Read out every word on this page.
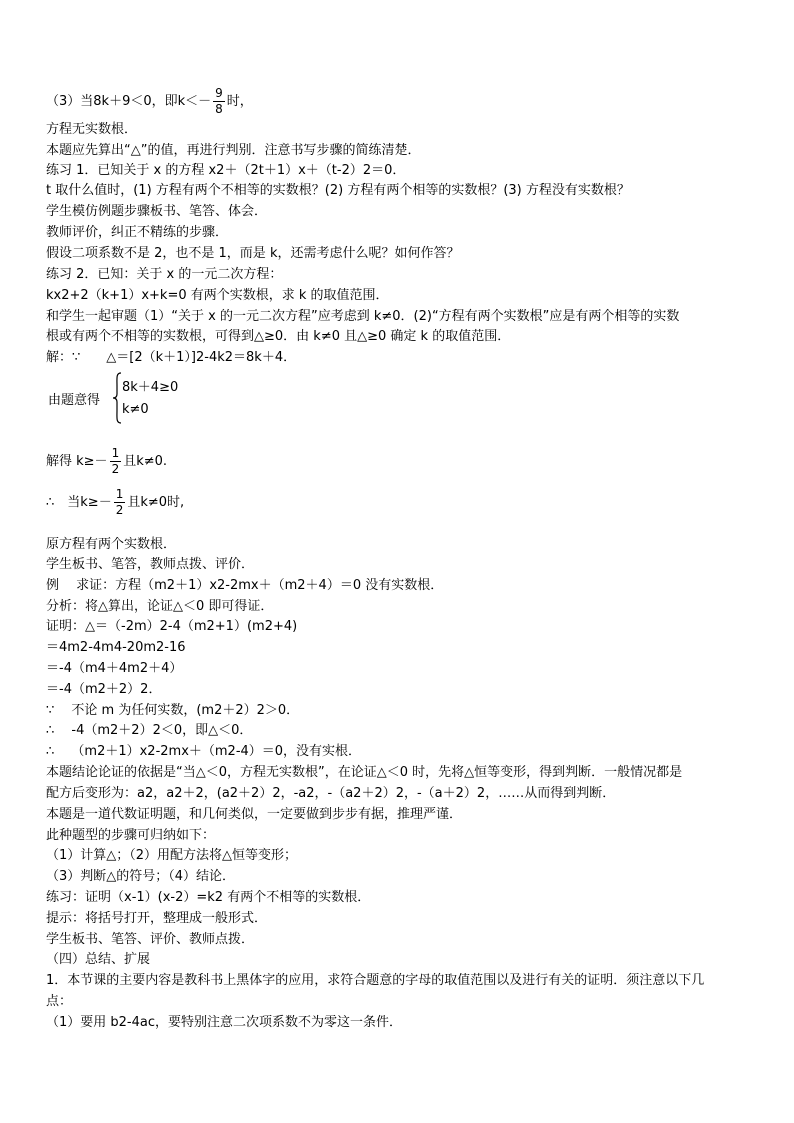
（3）当8k＋9＜0，即$k<- \frac{9}{8}$ 时，
方程无实数根．
本题应先算出“△”的值，再进行判别．注意书写步骤的简练清楚．
练习 1．已知关于 x 的方程 x2＋（2t＋1）x＋（t-2）2＝0．
t 取什么值时，(1) 方程有两个不相等的实数根？(2) 方程有两个相等的实数根？(3) 方程没有实数根？
学生模仿例题步骤板书、笔答、体会．
教师评价，纠正不精练的步骤．
假设二项系数不是 2，也不是 1，而是 k，还需考虑什么呢？如何作答？
练习 2．已知：关于 x 的一元二次方程：
kx2+2（k+1）x+k=0 有两个实数根，求 k 的取值范围．
和学生一起审题（1）“关于 x 的一元二次方程”应考虑到 k≠0．(2)“方程有两个实数根”应是有两个相等的实数
根或有两个不相等的实数根，可得到△≥0．由 k≠0 且△≥0 确定 k 的取值范围．
解：∵　　△＝[2（k＋1）]2-4k2＝8k＋4．
由题意得
8k＋4≥0
k≠0
解得 $k\ge- \frac{1}{2}$ 且k≠0.
∴　当$k\ge- \frac{1}{2}$ 且k≠0时,
原方程有两个实数根．
学生板书、笔答，教师点拨、评价．
例　 求证：方程（m2＋1）x2-2mx＋（m2＋4）＝0 没有实数根．
分析：将△算出，论证△＜0 即可得证．
证明：△＝（-2m）2-4（m2+1）(m2+4)
＝4m2-4m4-20m2-16
＝-4（m4＋4m2＋4）
＝-4（m2＋2）2．
∵　 不论 m 为任何实数，(m2＋2）2＞0．
∴　 -4（m2＋2）2＜0，即△＜0．
∴　 （m2＋1）x2-2mx＋（m2-4）＝0，没有实根．
本题结论论证的依据是“当△＜0，方程无实数根”，在论证△＜0 时，先将△恒等变形，得到判断．一般情况都是
配方后变形为：a2，a2＋2，(a2＋2）2，-a2，-（a2＋2）2，-（a＋2）2，……从而得到判断．
本题是一道代数证明题，和几何类似，一定要做到步步有据，推理严谨．
此种题型的步骤可归纳如下：
（1）计算△；（2）用配方法将△恒等变形；
（3）判断△的符号；（4）结论．
练习：证明（x-1）(x-2）=k2 有两个不相等的实数根．
提示：将括号打开，整理成一般形式．
学生板书、笔答、评价、教师点拨．
（四）总结、扩展
1．本节课的主要内容是教科书上黑体字的应用，求符合题意的字母的取值范围以及进行有关的证明．须注意以下几
点：
（1）要用 b2-4ac，要特别注意二次项系数不为零这一条件．
